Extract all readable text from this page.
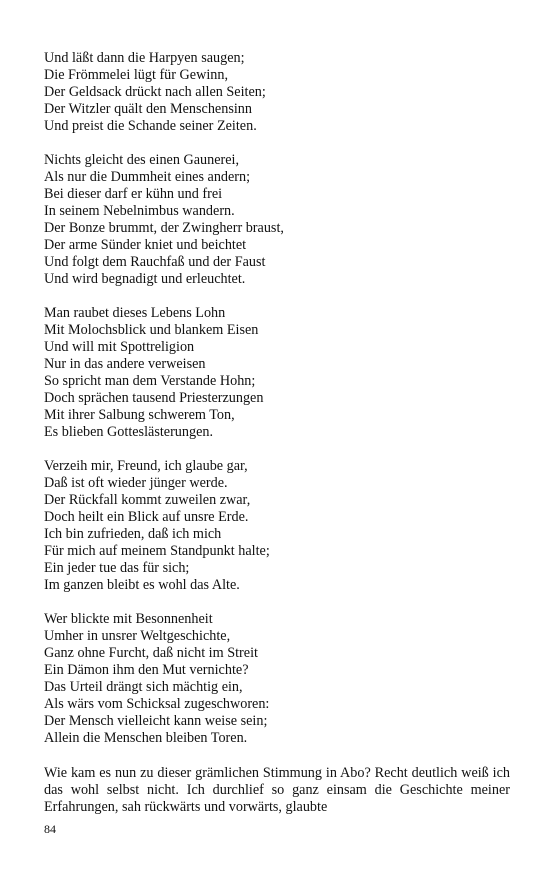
Und läßt dann die Harpyen saugen;
Die Frömmelei lügt für Gewinn,
Der Geldsack drückt nach allen Seiten;
Der Witzler quält den Menschensinn
Und preist die Schande seiner Zeiten.
Nichts gleicht des einen Gaunerei,
Als nur die Dummheit eines andern;
Bei dieser darf er kühn und frei
In seinem Nebelnimbus wandern.
Der Bonze brummt, der Zwingherr braust,
Der arme Sünder kniet und beichtet
Und folgt dem Rauchfaß und der Faust
Und wird begnadigt und erleuchtet.
Man raubet dieses Lebens Lohn
Mit Molochsblick und blankem Eisen
Und will mit Spottreligion
Nur in das andere verweisen
So spricht man dem Verstande Hohn;
Doch sprächen tausend Priesterzungen
Mit ihrer Salbung schwerem Ton,
Es blieben Gotteslästerungen.
Verzeih mir, Freund, ich glaube gar,
Daß ist oft wieder jünger werde.
Der Rückfall kommt zuweilen zwar,
Doch heilt ein Blick auf unsre Erde.
Ich bin zufrieden, daß ich mich
Für mich auf meinem Standpunkt halte;
Ein jeder tue das für sich;
Im ganzen bleibt es wohl das Alte.
Wer blickte mit Besonnenheit
Umher in unsrer Weltgeschichte,
Ganz ohne Furcht, daß nicht im Streit
Ein Dämon ihm den Mut vernichte?
Das Urteil drängt sich mächtig ein,
Als wärs vom Schicksal zugeschworen:
Der Mensch vielleicht kann weise sein;
Allein die Menschen bleiben Toren.

Wie kam es nun zu dieser grämlichen Stimmung in Abo? Recht deutlich weiß ich das wohl selbst nicht. Ich durchlief so ganz einsam die Geschichte meiner Erfahrungen, sah rückwärts und vorwärts, glaubte

84
